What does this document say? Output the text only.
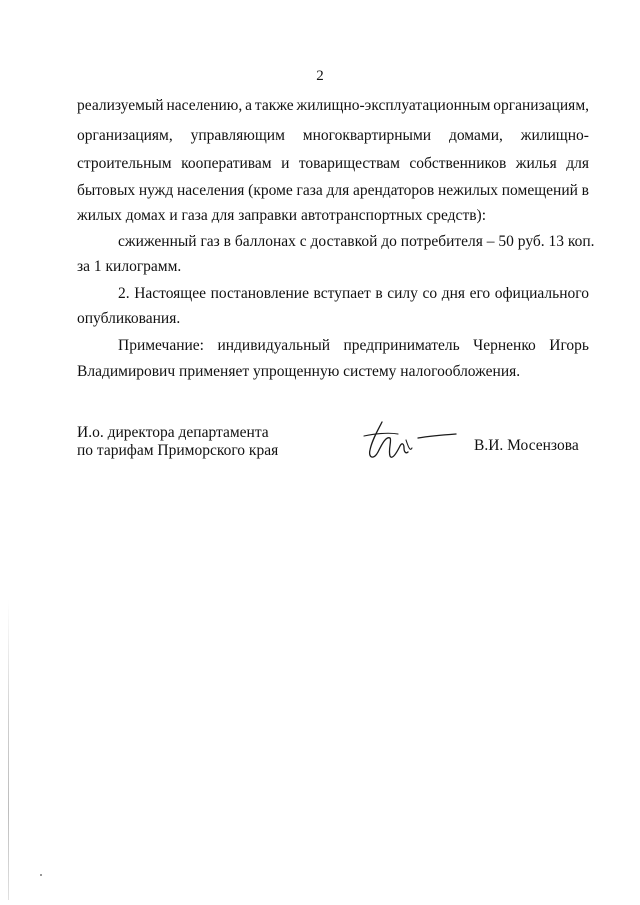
2
реализуемый населению, а также жилищно-эксплуатационным организациям,
организациям, управляющим многоквартирными домами, жилищно-
строительным кооперативам и товариществам собственников жилья для
бытовых нужд населения (кроме газа для арендаторов нежилых помещений в
жилых домах и газа для заправки автотранспортных средств):
сжиженный газ в баллонах с доставкой до потребителя – 50 руб. 13 коп.
за 1 килограмм.
2. Настоящее постановление вступает в силу со дня его официального
опубликования.
Примечание: индивидуальный предприниматель Черненко Игорь
Владимирович применяет упрощенную систему налогообложения.
И.о. директора департамента
по тарифам Приморского края	В.И. Мосензова
